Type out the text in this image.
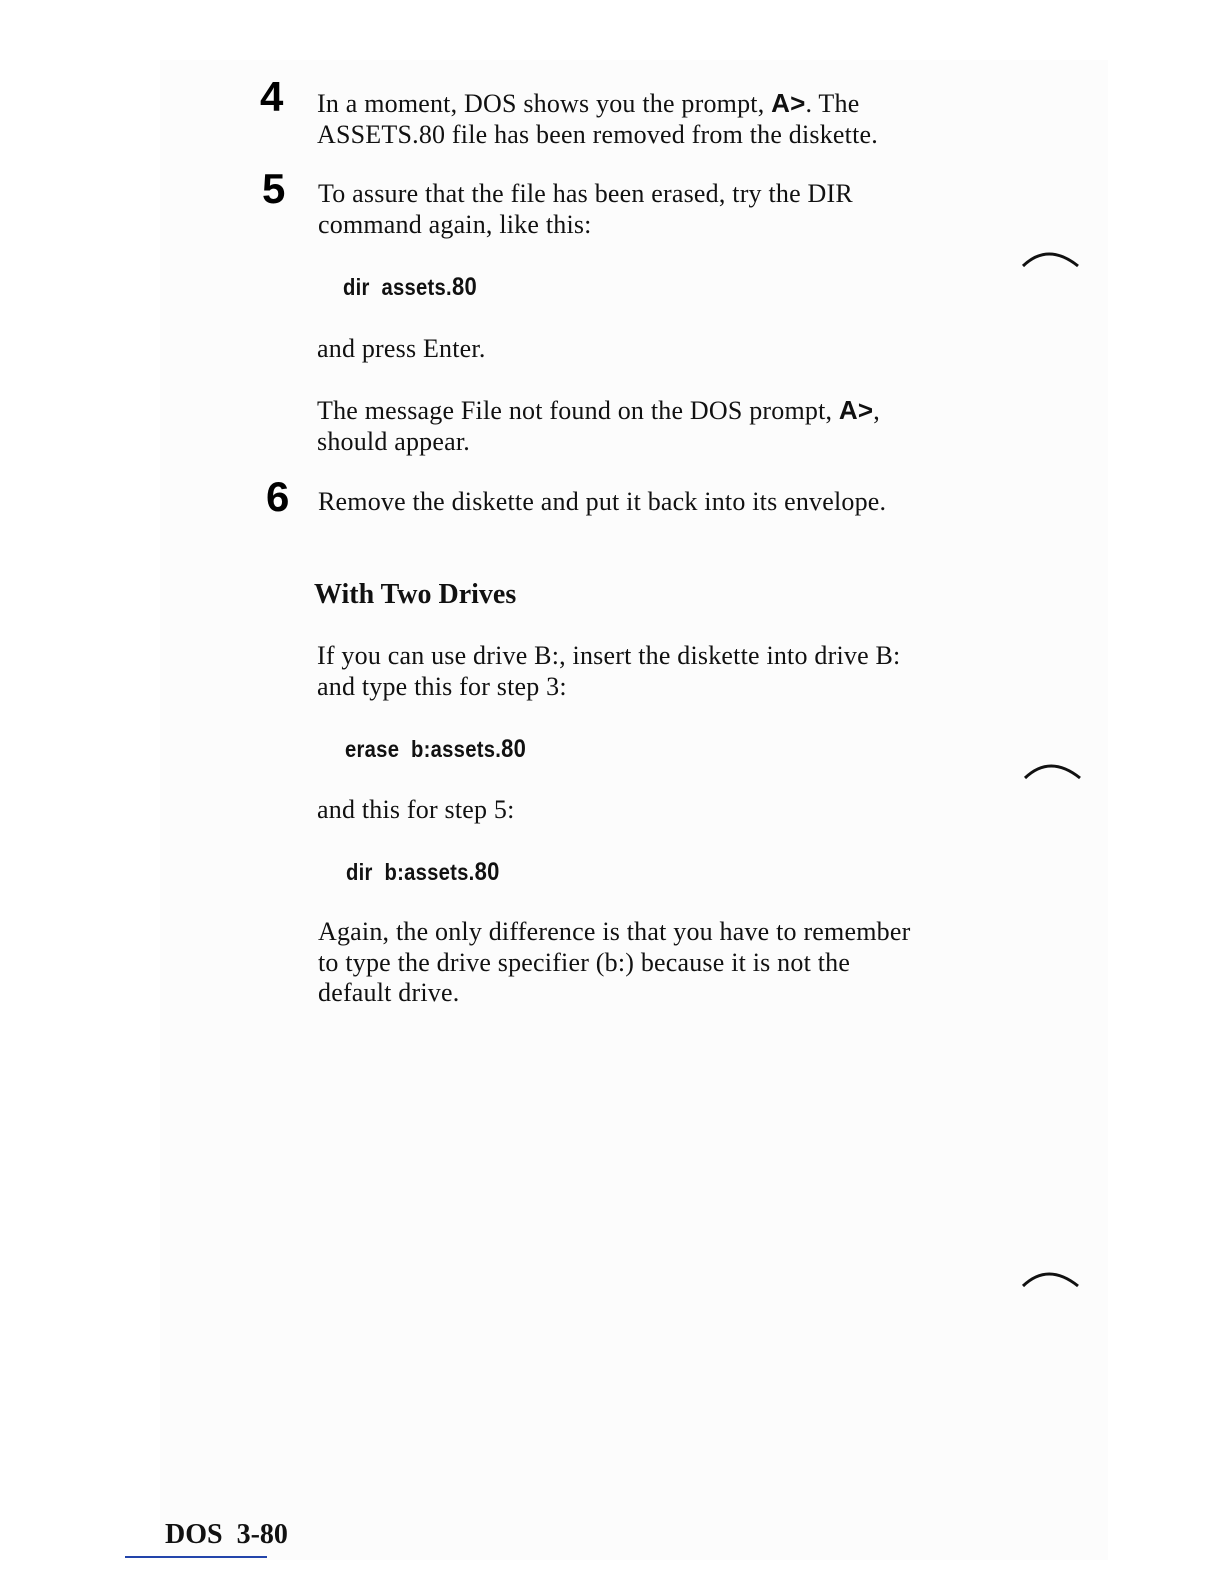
4 In a moment, DOS shows you the prompt, A>. The
ASSETS.80 file has been removed from the diskette.
5 To assure that the file has been erased, try the DIR
command again, like this:
dir assets.80
and press Enter.
The message File not found on the DOS prompt, A>,
should appear.
6 Remove the diskette and put it back into its envelope.
With Two Drives
If you can use drive B:, insert the diskette into drive B:
and type this for step 3:
erase b:assets.80
and this for step 5:
dir b:assets.80
Again, the only difference is that you have to remember
to type the drive specifier (b:) because it is not the
default drive.
DOS 3-80
